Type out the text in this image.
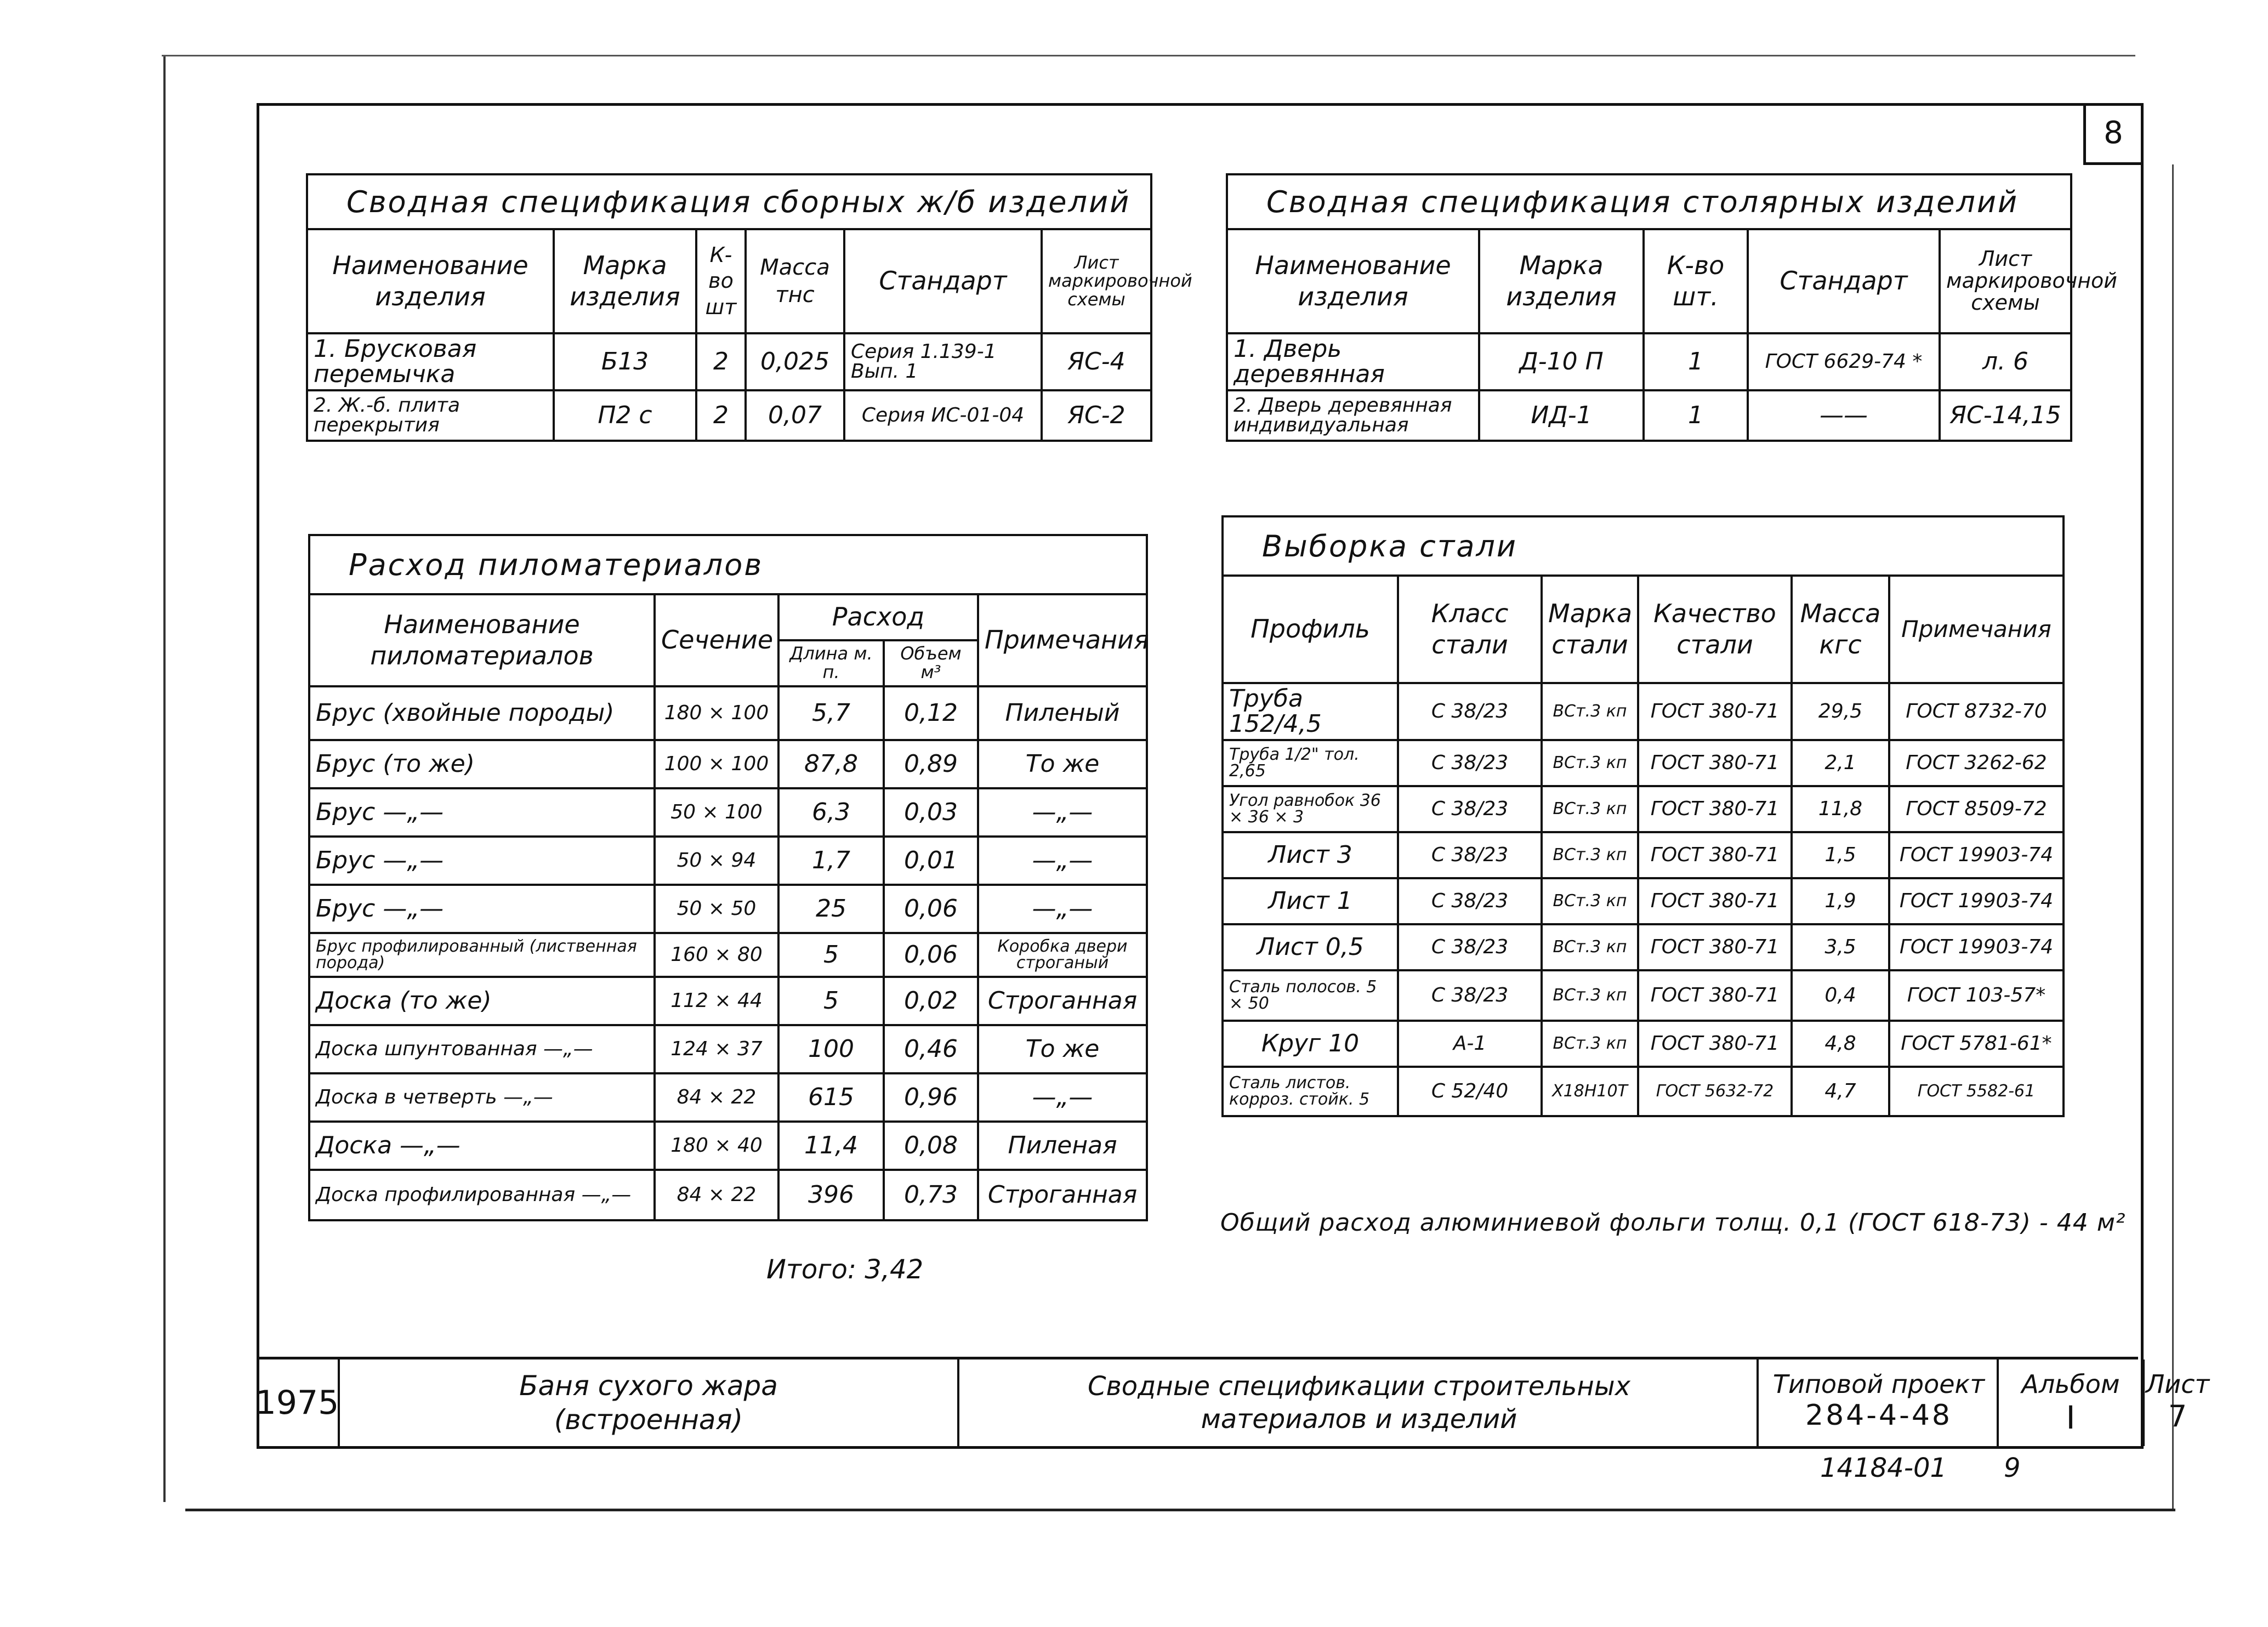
8
Сводная спецификация сборных ж/б изделий					
Наименование изделия	Марка изделия	К-во шт	Масса тнс	Стандарт	Лист маркировочной схемы
1. Брусковая перемычка	Б13	2	0,025	Серия 1.139-1 Вып. 1	ЯС-4
2. Ж.-б. плита перекрытия	П2 с	2	0,07	Серия ИС-01-04	ЯС-2
Сводная спецификация столярных изделий				
Наименование изделия	Марка изделия	К-во шт.	Стандарт	Лист маркировочной схемы
1. Дверь деревянная	Д-10 П	1	ГОСТ 6629-74 *	л. 6
2. Дверь деревянная индивидуальная	ИД-1	1	——	ЯС-14,15
Расход пиломатериалов				
Наименование пиломатериалов	Сечение	Расход		Примечания
		Длина м. п.	Объем м³	
Брус (хвойные породы)	180 × 100	5,7	0,12	Пиленый
Брус (то же)	100 × 100	87,8	0,89	То же
Брус —„—	50 × 100	6,3	0,03	—„—
Брус —„—	50 × 94	1,7	0,01	—„—
Брус —„—	50 × 50	25	0,06	—„—
Брус профилированный (лиственная порода)	160 × 80	5	0,06	Коробка двери строганый
Доска (то же)	112 × 44	5	0,02	Строганная
Доска шпунтованная —„—	124 × 37	100	0,46	То же
Доска в четверть —„—	84 × 22	615	0,96	—„—
Доска —„—	180 × 40	11,4	0,08	Пиленая
Доска профилированная —„—	84 × 22	396	0,73	Строганная
Итого: 3,42
Выборка стали					
Профиль	Класс стали	Марка стали	Качество стали	Масса кгс	Примечания
Труба 152/4,5	С 38/23	ВСт.3 кп	ГОСТ 380-71	29,5	ГОСТ 8732-70
Труба 1/2" тол. 2,65	С 38/23	ВСт.3 кп	ГОСТ 380-71	2,1	ГОСТ 3262-62
Угол равнобок 36 × 36 × 3	С 38/23	ВСт.3 кп	ГОСТ 380-71	11,8	ГОСТ 8509-72
Лист 3	С 38/23	ВСт.3 кп	ГОСТ 380-71	1,5	ГОСТ 19903-74
Лист 1	С 38/23	ВСт.3 кп	ГОСТ 380-71	1,9	ГОСТ 19903-74
Лист 0,5	С 38/23	ВСт.3 кп	ГОСТ 380-71	3,5	ГОСТ 19903-74
Сталь полосов. 5 × 50	С 38/23	ВСт.3 кп	ГОСТ 380-71	0,4	ГОСТ 103-57*
Круг 10	А-1	ВСт.3 кп	ГОСТ 380-71	4,8	ГОСТ 5781-61*
Сталь листов. корроз. стойк. 5	С 52/40	Х18Н10Т	ГОСТ 5632-72	4,7	ГОСТ 5582-61
Общий расход алюминиевой фольги толщ. 0,1 (ГОСТ 618-73) - 44 м²
1975	Баня сухого жара (встроенная)
Сводные спецификации строительных материалов и изделий
Типовой проект
284-4-48
Альбом
I
Лист
7
14184-01 9
